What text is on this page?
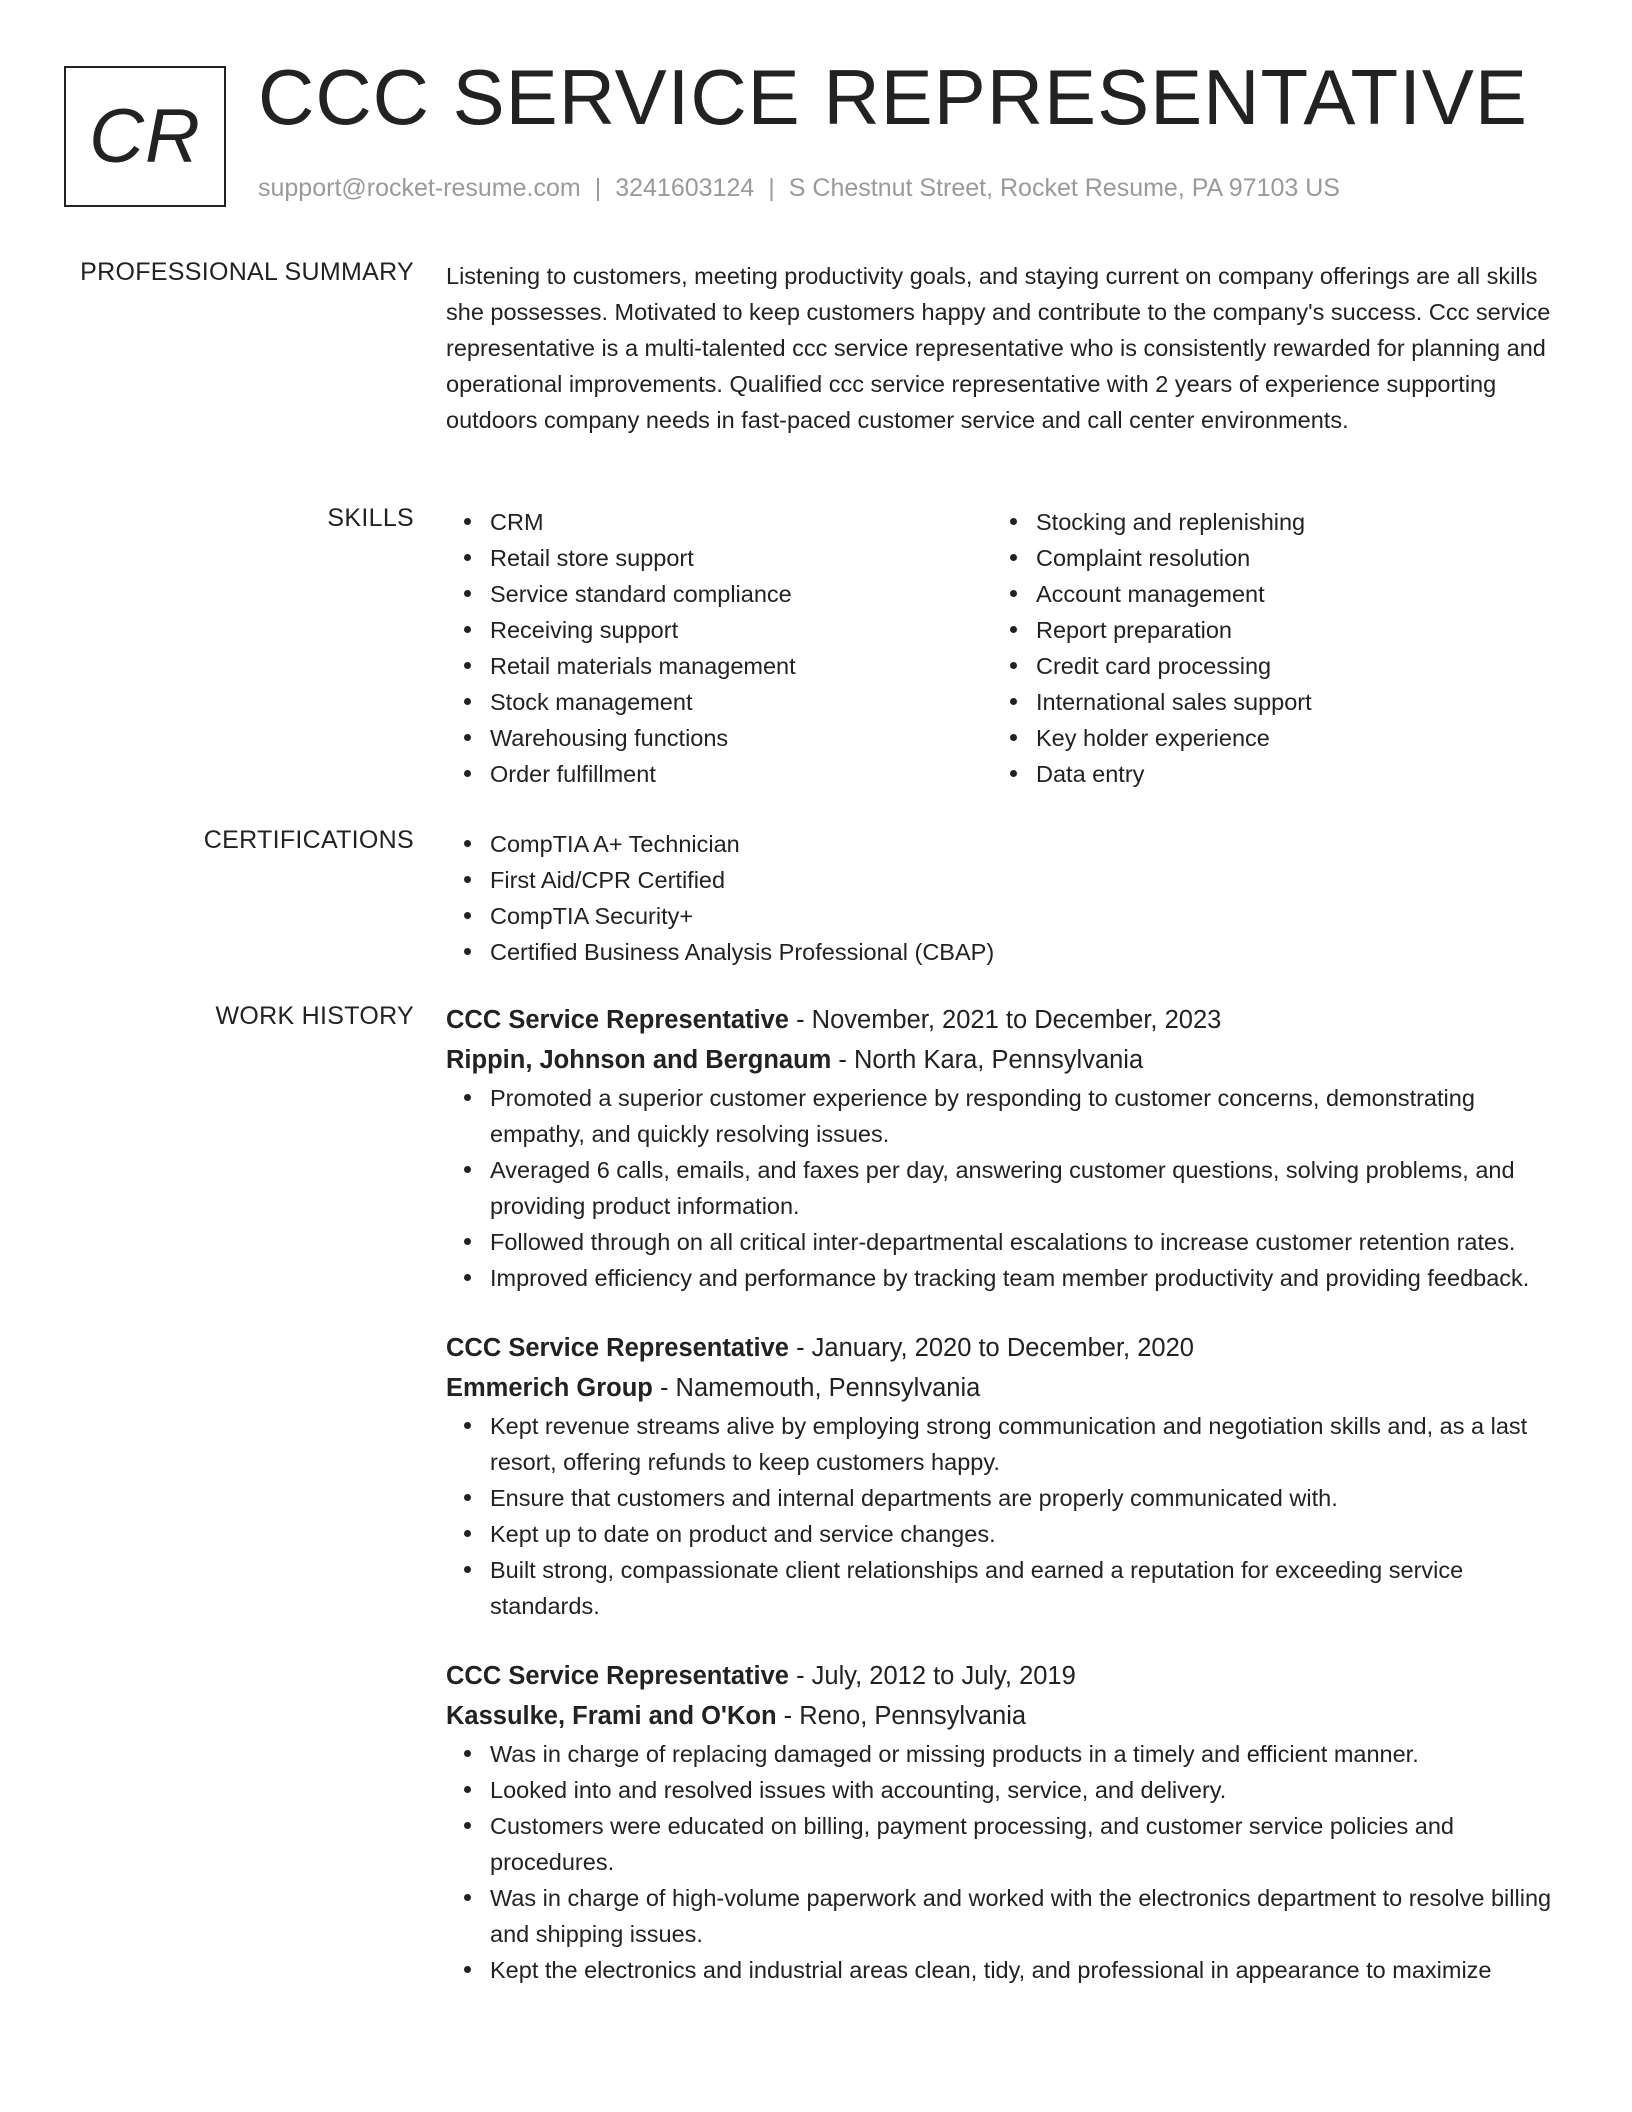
CR CCC SERVICE REPRESENTATIVE
support@rocket-resume.com | 3241603124 | S Chestnut Street, Rocket Resume, PA 97103 US
PROFESSIONAL SUMMARY Listening to customers, meeting productivity goals, and staying current on company offerings are all skills she possesses. Motivated to keep customers happy and contribute to the company's success. Ccc service representative is a multi-talented ccc service representative who is consistently rewarded for planning and operational improvements. Qualified ccc service representative with 2 years of experience supporting outdoors company needs in fast-paced customer service and call center environments.

SKILLS	CRM
Retail store support
Service standard compliance
Receiving support
Retail materials management
Stock management
Warehousing functions
Order fulfillment
Stocking and replenishing
Complaint resolution
Account management
Report preparation
Credit card processing
International sales support
Key holder experience
Data entry
CERTIFICATIONS	CompTIA A+ Technician
First Aid/CPR Certified
CompTIA Security+
Certified Business Analysis Professional (CBAP)
WORK HISTORY CCC Service Representative - November, 2021 to December, 2023
Rippin, Johnson and Bergnaum - North Kara, Pennsylvania
Promoted a superior customer experience by responding to customer concerns, demonstrating empathy, and quickly resolving issues.
Averaged 6 calls, emails, and faxes per day, answering customer questions, solving problems, and providing product information.
Followed through on all critical inter-departmental escalations to increase customer retention rates.
Improved efficiency and performance by tracking team member productivity and providing feedback.
CCC Service Representative - January, 2020 to December, 2020
Emmerich Group - Namemouth, Pennsylvania
Kept revenue streams alive by employing strong communication and negotiation skills and, as a last resort, offering refunds to keep customers happy.
Ensure that customers and internal departments are properly communicated with.
Kept up to date on product and service changes.
Built strong, compassionate client relationships and earned a reputation for exceeding service standards.
CCC Service Representative - July, 2012 to July, 2019
Kassulke, Frami and O'Kon - Reno, Pennsylvania
Was in charge of replacing damaged or missing products in a timely and efficient manner.
Looked into and resolved issues with accounting, service, and delivery.
Customers were educated on billing, payment processing, and customer service policies and procedures.
Was in charge of high-volume paperwork and worked with the electronics department to resolve billing and shipping issues.
Kept the electronics and industrial areas clean, tidy, and professional in appearance to maximize
